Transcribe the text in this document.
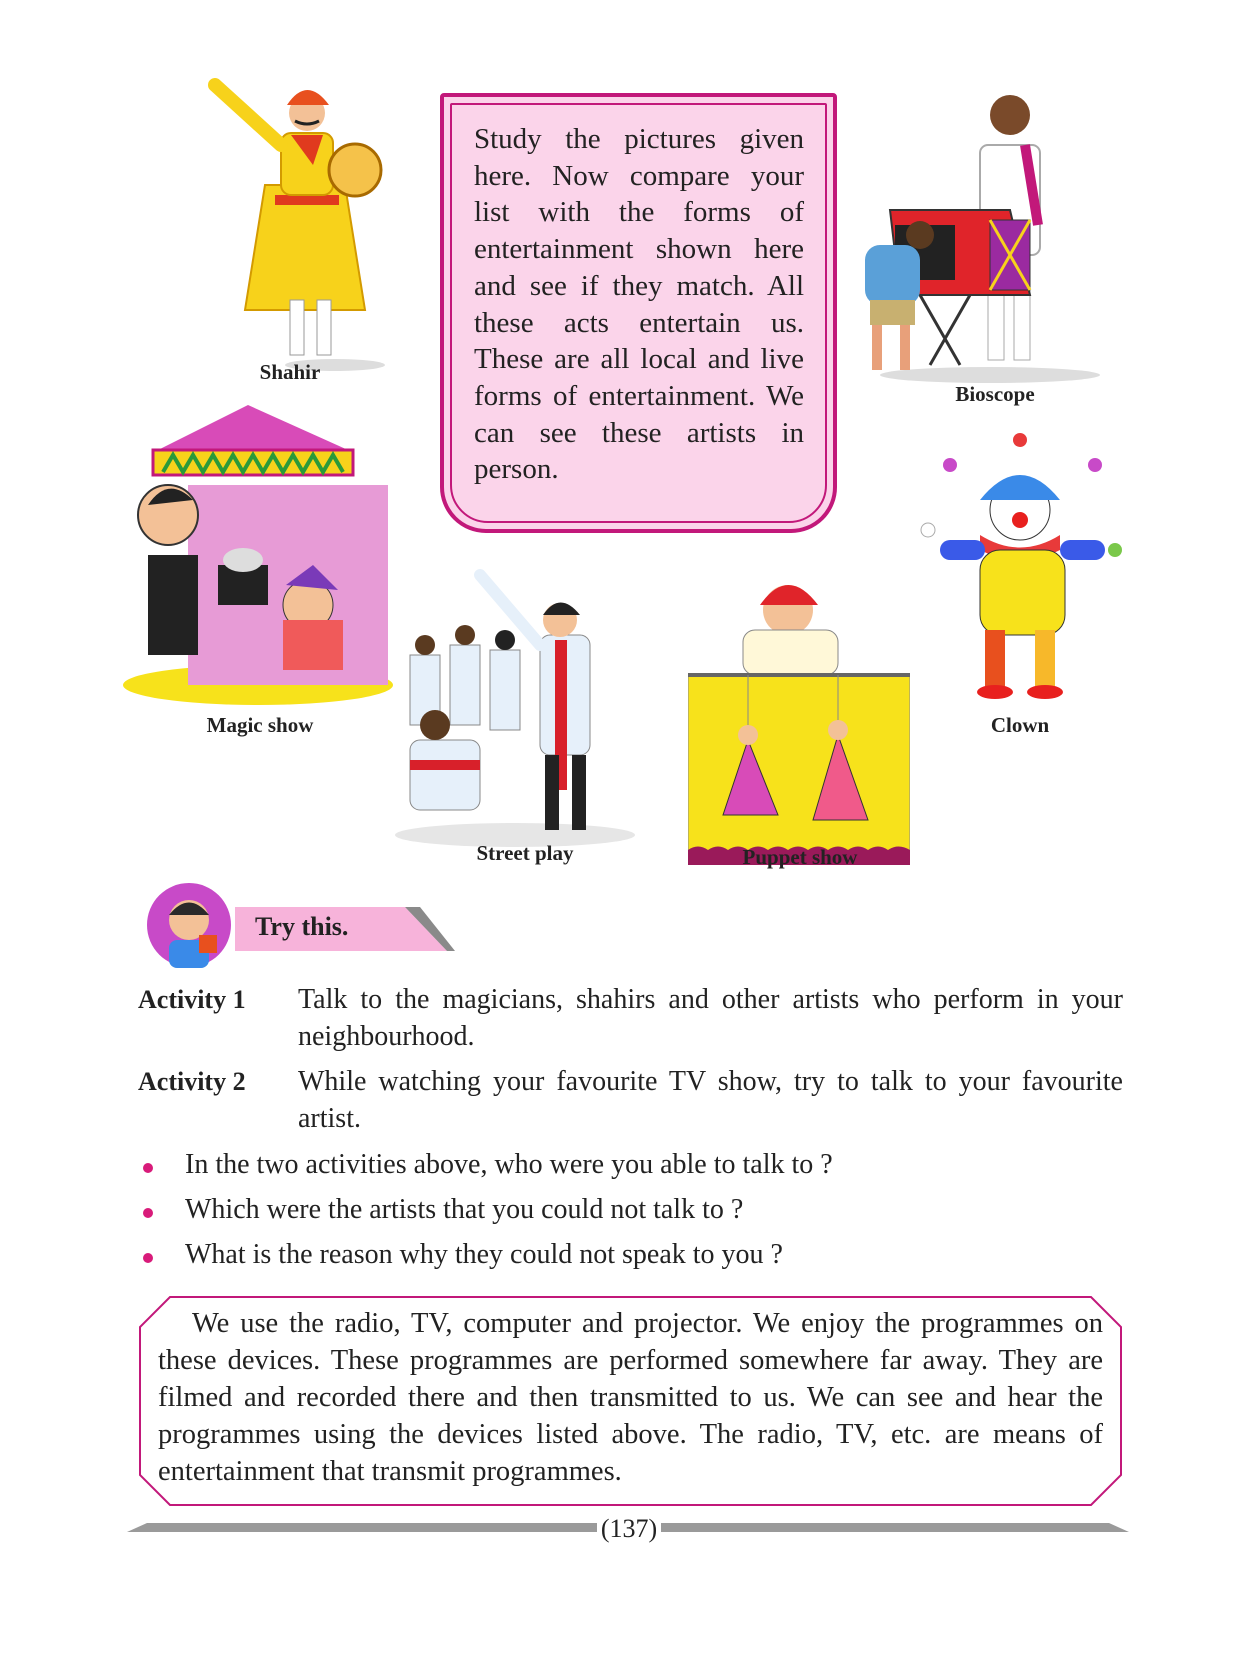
Shahir
Bioscope
Study the pictures given here. Now compare your list with the forms of entertainment shown here and see if they match. All these acts entertain us. These are all local and live forms of entertainment. We can see these artists in person.
Magic show	Clown
Street play	Puppet show
Try this.
Activity 1 Talk to the magicians, shahirs and other artists who perform in your neighbourhood.
Activity 2 While watching your favourite TV show, try to talk to your favourite artist.
In the two activities above, who were you able to talk to ?
Which were the artists that you could not talk to ?
What is the reason why they could not speak to you ?
We use the radio, TV, computer and projector. We enjoy the programmes on these devices. These programmes are performed somewhere far away. They are filmed and recorded there and then transmitted to us. We can see and hear the programmes using the devices listed above. The radio, TV, etc. are means of entertainment that transmit programmes.
(137)
